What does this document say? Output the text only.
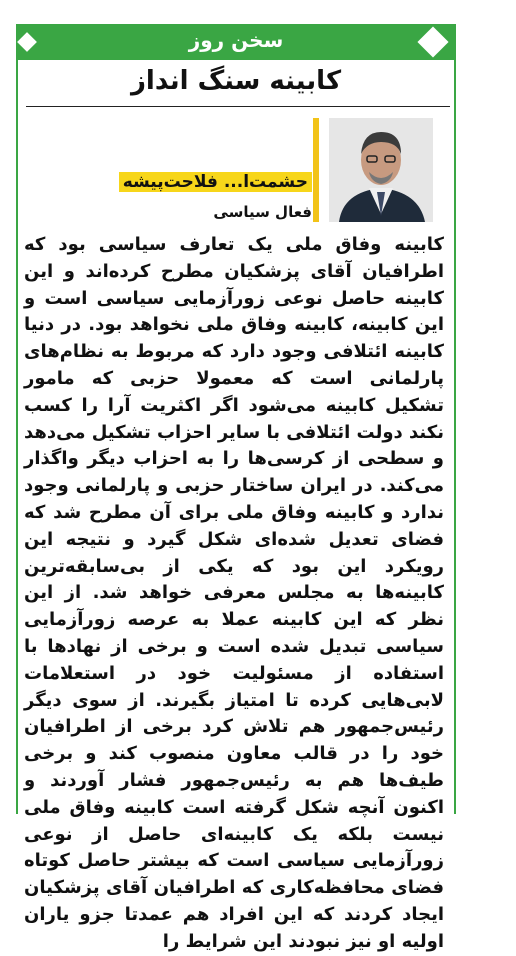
سخن روز
کابینه سنگ انداز
حشمت‌ا... فلاحت‌پیشه
فعال سیاسی

کابینه وفاق ملی یک تعارف سیاسی بود که اطرافیان آقای پزشکیان مطرح کرده‌اند و این کابینه حاصل نوعی زورآزمایی سیاسی است و این کابینه، کابینه وفاق ملی نخواهد بود. در دنیا کابینه ائتلافی وجود دارد که مربوط به نظام‌های پارلمانی است که معمولا حزبی که مامور تشکیل کابینه می‌شود اگر اکثریت آرا را کسب نکند دولت ائتلافی با سایر احزاب تشکیل می‌دهد و سطحی از کرسی‌ها را به احزاب دیگر واگذار می‌کند. در ایران ساختار حزبی و پارلمانی وجود ندارد و کابینه وفاق ملی برای آن مطرح شد که فضای تعدیل شده‌ای شکل گیرد و نتیجه این رویکرد این بود که یکی از بی‌سابقه‌ترین کابینه‌ها به مجلس معرفی خواهد شد. از این نظر که این کابینه عملا به عرصه زورآزمایی سیاسی تبدیل شده است و برخی از نهادها با استفاده از مسئولیت خود در استعلامات لابی‌هایی کرده تا امتیاز بگیرند. از سوی دیگر رئیس‌جمهور هم تلاش کرد برخی از اطرافیان خود را در قالب معاون منصوب کند و برخی طیف‌ها هم به رئیس‌جمهور فشار آوردند و اکنون آنچه شکل گرفته است کابینه وفاق ملی نیست بلکه یک کابینه‌ای حاصل از نوعی زورآزمایی سیاسی است که بیشتر حاصل کوتاه فضای محافظه‌کاری که اطرافیان آقای پزشکیان ایجاد کردند که این افراد هم عمدتا جزو یاران اولیه او نیز نبودند این شرایط را
